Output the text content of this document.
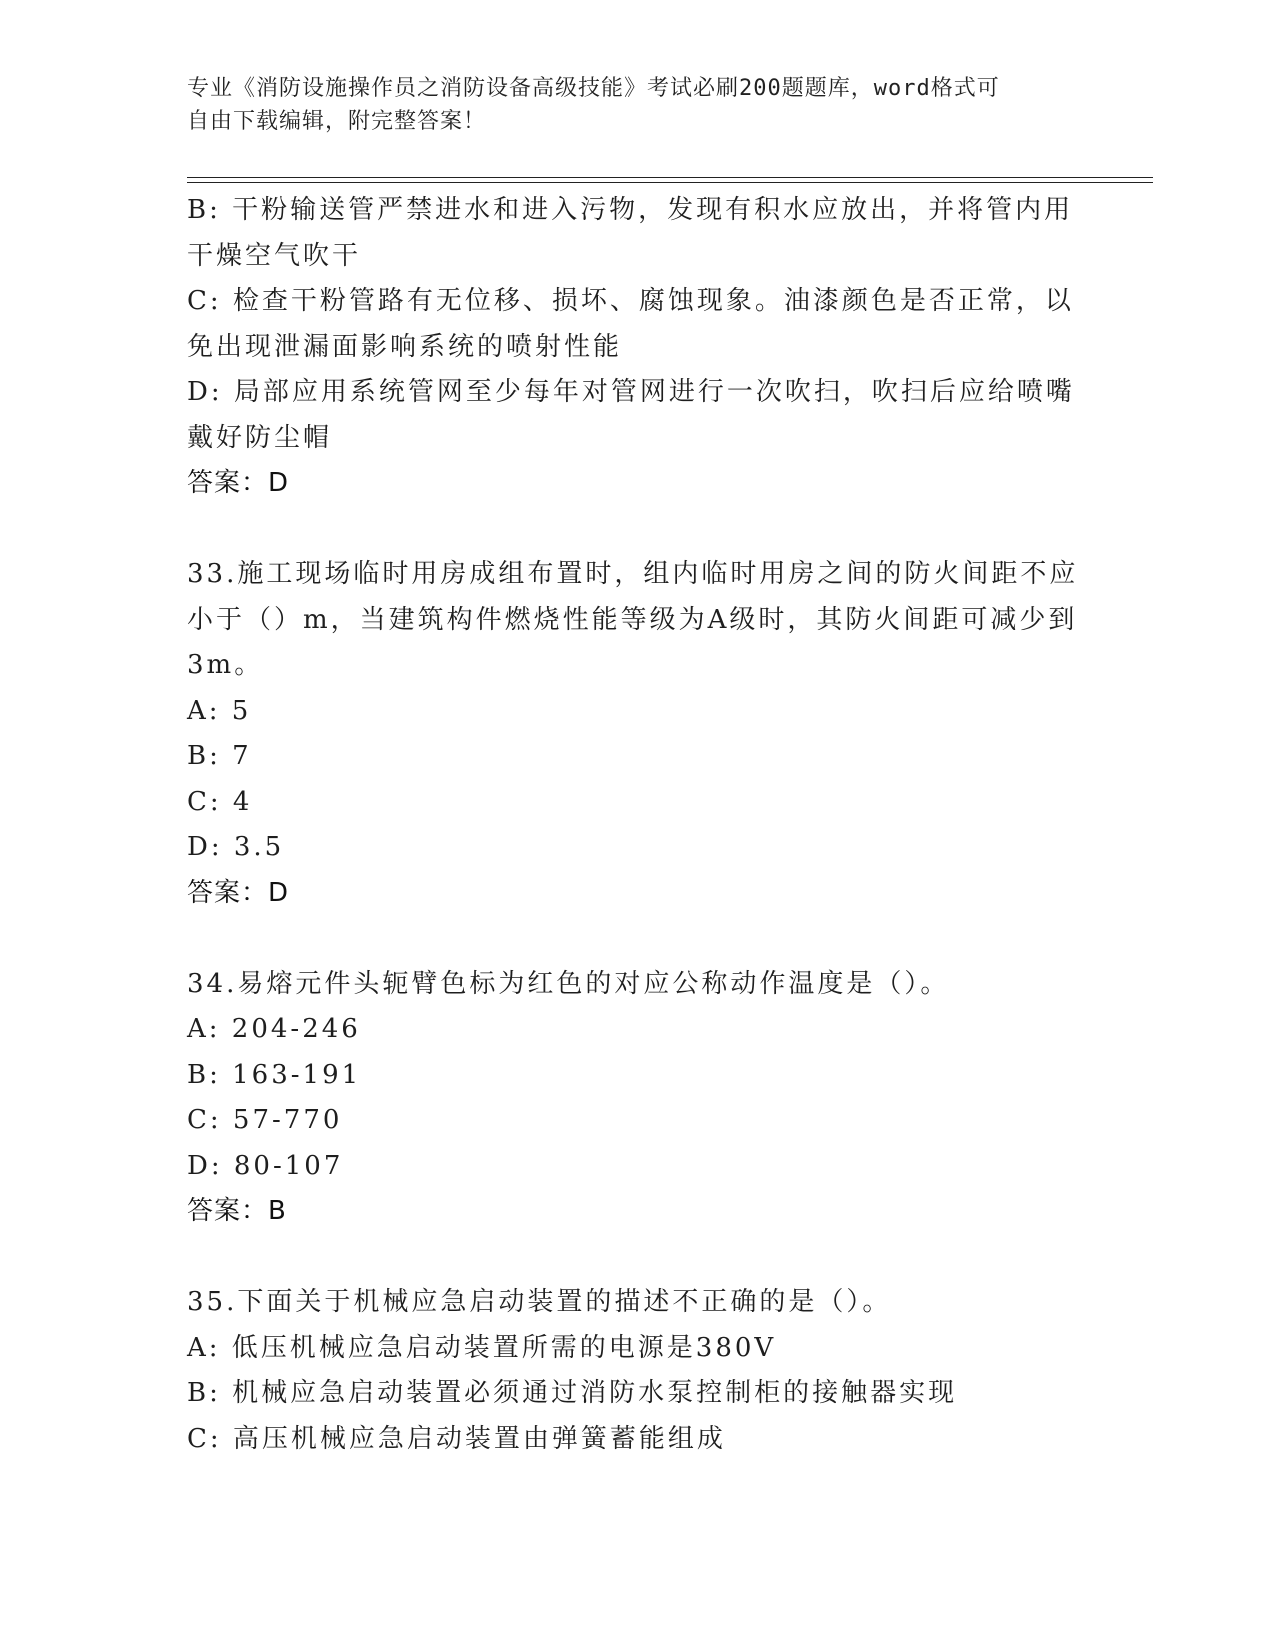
专业《消防设施操作员之消防设备高级技能》考试必刷200题题库，word格式可
自由下载编辑，附完整答案！
B: 干粉输送管严禁进水和进入污物，发现有积水应放出，并将管内用
干燥空气吹干
C: 检查干粉管路有无位移、损坏、腐蚀现象。油漆颜色是否正常，以
免出现泄漏面影响系统的喷射性能
D: 局部应用系统管网至少每年对管网进行一次吹扫，吹扫后应给喷嘴
戴好防尘帽
答案：D
33.施工现场临时用房成组布置时，组内临时用房之间的防火间距不应
小于（）m，当建筑构件燃烧性能等级为A级时，其防火间距可减少到
3m。
A: 5
B: 7
C: 4
D: 3.5
答案：D
34.易熔元件头轭臂色标为红色的对应公称动作温度是（）。
A: 204-246
B: 163-191
C: 57-770
D: 80-107
答案：B
35.下面关于机械应急启动装置的描述不正确的是（）。
A: 低压机械应急启动装置所需的电源是380V
B: 机械应急启动装置必须通过消防水泵控制柜的接触器实现
C: 高压机械应急启动装置由弹簧蓄能组成
